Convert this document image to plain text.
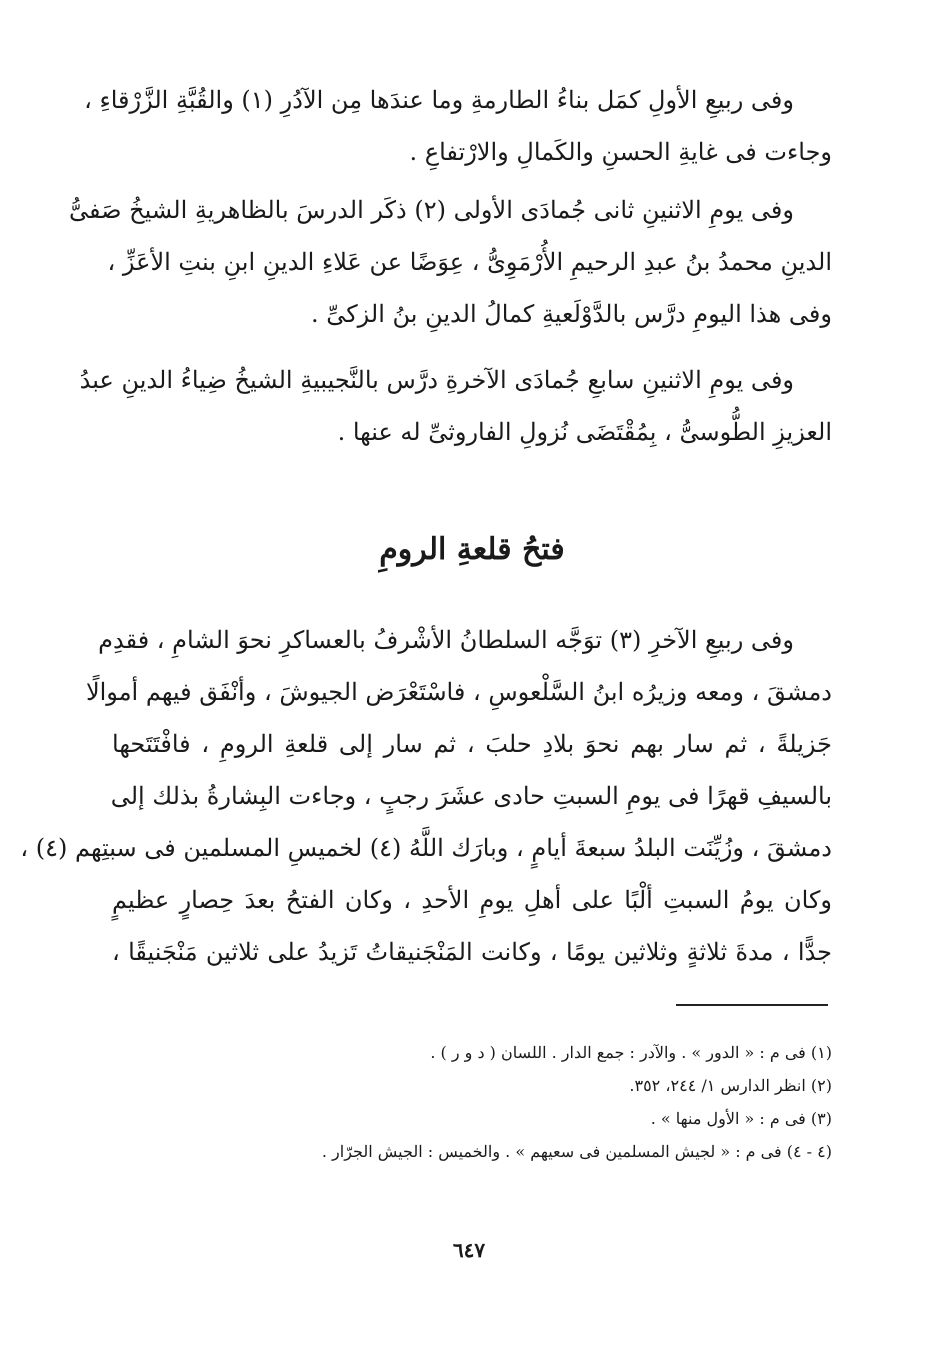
وفى ربيعِ الأولِ كمَل بناءُ الطارمةِ وما عندَها مِن الآدُرِ (١) والقُبَّةِ الزَّرْقاءِ ،
وجاءت فى غايةِ الحسنِ والكَمالِ والارْتفاعِ .
وفى يومِ الاثنينِ ثانى جُمادَى الأولى (٢) ذكَر الدرسَ بالظاهريةِ الشيخُ صَفىُّ
الدينِ محمدُ بنُ عبدِ الرحيمِ الأُرْمَوِىُّ ، عِوَضًا عن عَلاءِ الدينِ ابنِ بنتِ الأعَزِّ ،
وفى هذا اليومِ درَّس بالدَّوْلَعيةِ كمالُ الدينِ بنُ الزكىِّ .
وفى يومِ الاثنينِ سابعِ جُمادَى الآخرةِ درَّس بالنَّجيبيةِ الشيخُ ضِياءُ الدينِ عبدُ
العزيزِ الطُّوسىُّ ، بِمُقْتَضَى نُزولِ الفاروثىِّ له عنها .
فتحُ قلعةِ الرومِ
وفى ربيعِ الآخرِ (٣) توَجَّه السلطانُ الأشْرفُ بالعساكرِ نحوَ الشامِ ، فقدِم
دمشقَ ، ومعه وزيرُه ابنُ السَّلْعوسِ ، فاسْتَعْرَض الجيوشَ ، وأنْفَق فيهم أموالًا
جَزيلةً ، ثم سار بهم نحوَ بلادِ حلبَ ، ثم سار إلى قلعةِ الرومِ ، فافْتَتَحها
بالسيفِ قهرًا فى يومِ السبتِ حادى عشَرَ رجبٍ ، وجاءت البِشارةُ بذلك إلى
دمشقَ ، وزُيِّنَت البلدُ سبعةَ أيامٍ ، وبارَك اللَّهُ (٤) لخميسِ المسلمين فى سبتِهم (٤) ،
وكان يومُ السبتِ ألْبًا على أهلِ يومِ الأحدِ ، وكان الفتحُ بعدَ حِصارٍ عظيمٍ
جدًّا ، مدةَ ثلاثةٍ وثلاثين يومًا ، وكانت المَنْجَنيقاتُ تَزيدُ على ثلاثين مَنْجَنيقًا ،
(١) فى م : « الدور » . والآدر : جمع الدار . اللسان ( د و ر ) .
(٢) انظر الدارس ١/ ٢٤٤، ٣٥٢.
(٣) فى م : « الأول منها » .
(٤ - ٤) فى م : « لجيش المسلمين فى سعيهم » . والخميس : الجيش الجرّار .
٦٤٧
